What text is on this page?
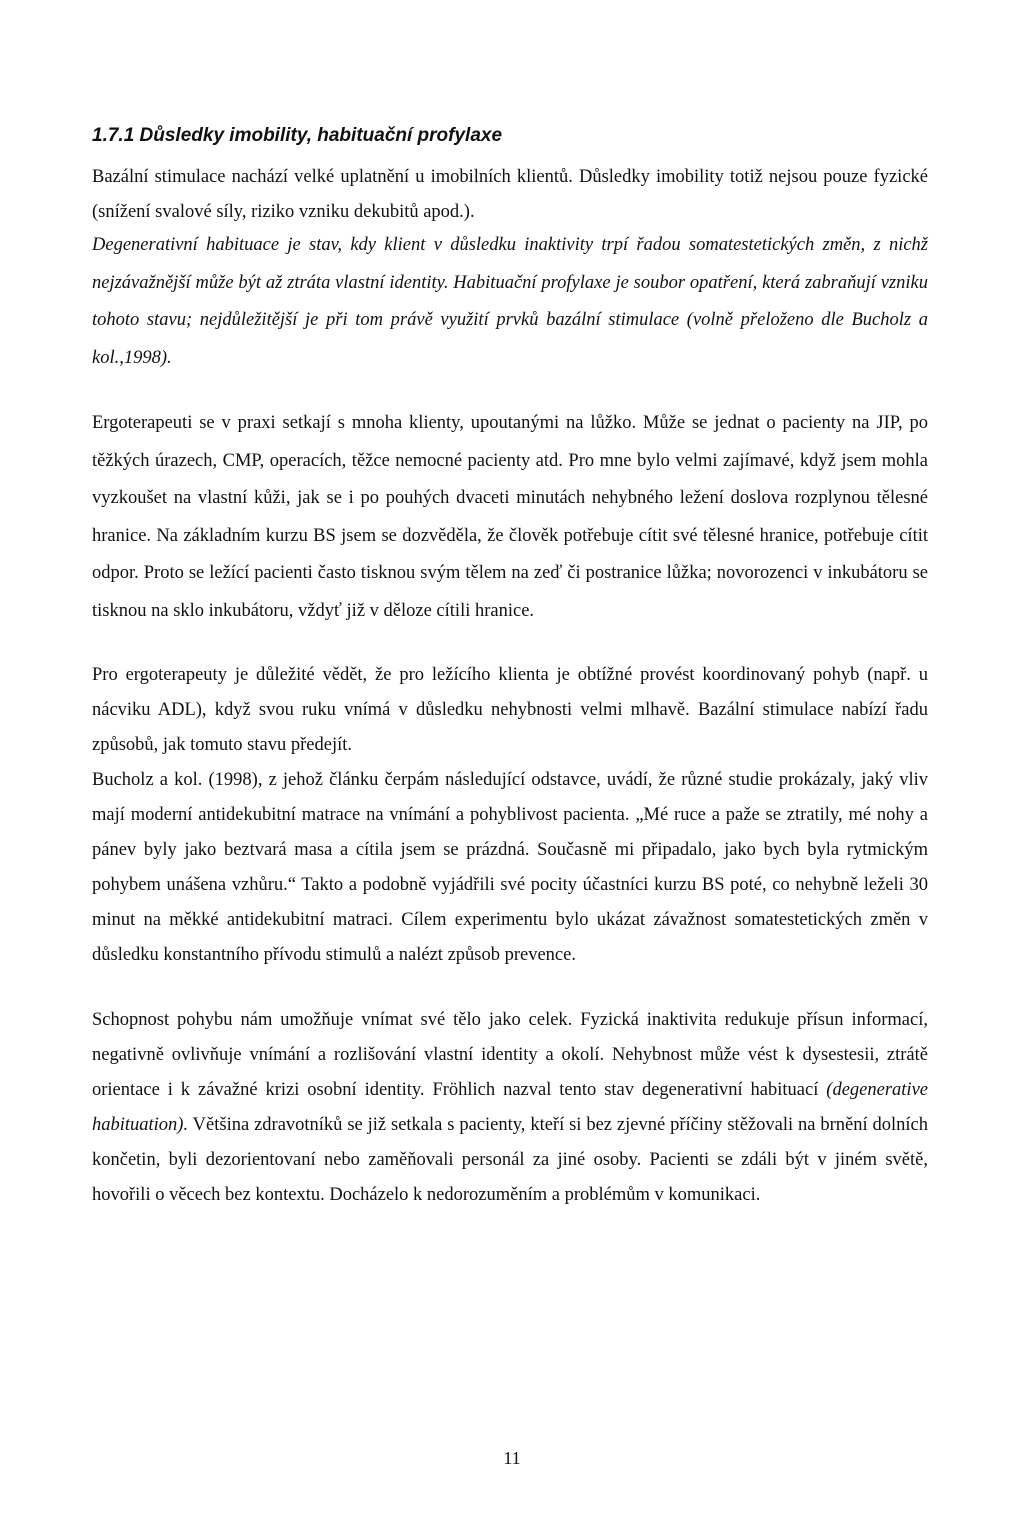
1.7.1 Důsledky imobility, habituační profylaxe

Bazální stimulace nachází velké uplatnění u imobilních klientů. Důsledky imobility totiž nejsou pouze fyzické (snížení svalové síly, riziko vzniku dekubitů apod.).

Degenerativní habituace je stav, kdy klient v důsledku inaktivity trpí řadou somatestetických změn, z nichž nejzávažnější může být až ztráta vlastní identity. Habituační profylaxe je soubor opatření, která zabraňují vzniku tohoto stavu; nejdůležitější je při tom právě využití prvků bazální stimulace (volně přeloženo dle Bucholz a kol.,1998).

Ergoterapeuti se v praxi setkají s mnoha klienty, upoutanými na lůžko. Může se jednat o pacienty na JIP, po těžkých úrazech, CMP, operacích, těžce nemocné pacienty atd. Pro mne bylo velmi zajímavé, když jsem mohla vyzkoušet na vlastní kůži, jak se i po pouhých dvaceti minutách nehybného ležení doslova rozplynou tělesné hranice. Na základním kurzu BS jsem se dozvěděla, že člověk potřebuje cítit své tělesné hranice, potřebuje cítit odpor. Proto se ležící pacienti často tisknou svým tělem na zeď či postranice lůžka; novorozenci v inkubátoru se tisknou na sklo inkubátoru, vždyť již v děloze cítili hranice.

Pro ergoterapeuty je důležité vědět, že pro ležícího klienta je obtížné provést koordinovaný pohyb (např. u nácviku ADL), když svou ruku vnímá v důsledku nehybnosti velmi mlhavě. Bazální stimulace nabízí řadu způsobů, jak tomuto stavu předejít.

Bucholz a kol. (1998), z jehož článku čerpám následující odstavce, uvádí, že různé studie prokázaly, jaký vliv mají moderní antidekubitní matrace na vnímání a pohyblivost pacienta. „Mé ruce a paže se ztratily, mé nohy a pánev byly jako beztvará masa a cítila jsem se prázdná. Současně mi připadalo, jako bych byla rytmickým pohybem unášena vzhůru.“ Takto a podobně vyjádřili své pocity účastníci kurzu BS poté, co nehybně leželi 30 minut na měkké antidekubitní matraci. Cílem experimentu bylo ukázat závažnost somatestetických změn v důsledku konstantního přívodu stimulů a nalézt způsob prevence.

Schopnost pohybu nám umožňuje vnímat své tělo jako celek. Fyzická inaktivita redukuje přísun informací, negativně ovlivňuje vnímání a rozlišování vlastní identity a okolí. Nehybnost může vést k dysestesii, ztrátě orientace i k závažné krizi osobní identity. Fröhlich nazval tento stav degenerativní habituací (degenerative habituation). Většina zdravotníků se již setkala s pacienty, kteří si bez zjevné příčiny stěžovali na brnění dolních končetin, byli dezorientovaní nebo zaměňovali personál za jiné osoby. Pacienti se zdáli být v jiném světě, hovořili o věcech bez kontextu. Docházelo k nedorozuměním a problémům v komunikaci.

11
